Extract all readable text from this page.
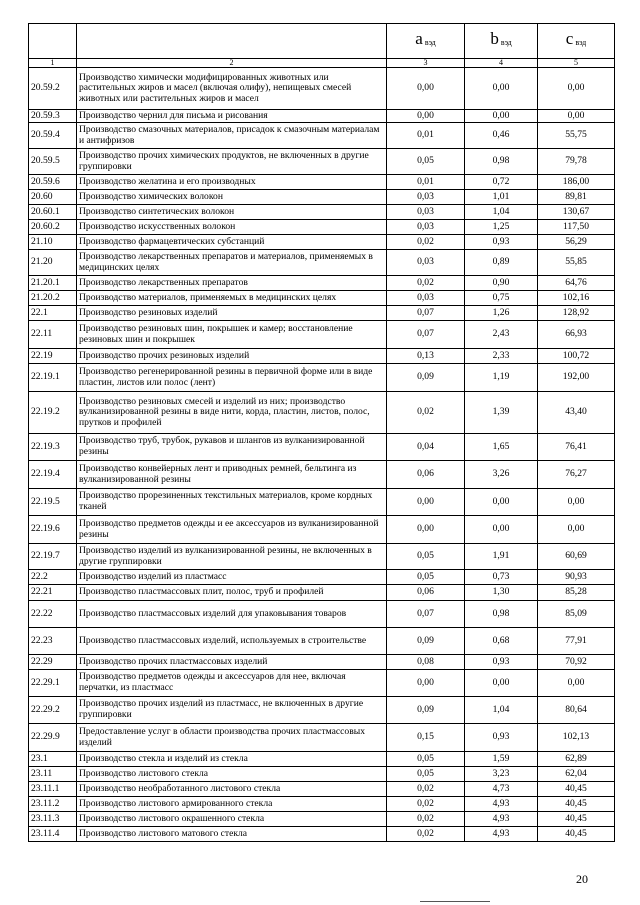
		a $_{вэд}$	b $_{вэд}$	c $_{вэд}$
1	2	3	4	5
20.59.2	Производство химически модифицированных животных или растительных жиров и масел (включая олифу), непищевых смесей животных или растительных жиров и масел	0,00	0,00	0,00
20.59.3	Производство чернил для письма и рисования	0,00	0,00	0,00
20.59.4	Производство смазочных материалов, присадок к смазочным материалам и антифризов	0,01	0,46	55,75
20.59.5	Производство прочих химических продуктов, не включенных в другие группировки	0,05	0,98	79,78
20.59.6	Производство желатина и его производных	0,01	0,72	186,00
20.60	Производство химических волокон	0,03	1,01	89,81
20.60.1	Производство синтетических волокон	0,03	1,04	130,67
20.60.2	Производство искусственных волокон	0,03	1,25	117,50
21.10	Производство фармацевтических субстанций	0,02	0,93	56,29
21.20	Производство лекарственных препаратов и материалов, применяемых в медицинских целях	0,03	0,89	55,85
21.20.1	Производство лекарственных препаратов	0,02	0,90	64,76
21.20.2	Производство материалов, применяемых в медицинских целях	0,03	0,75	102,16
22.1	Производство резиновых изделий	0,07	1,26	128,92
22.11	Производство резиновых шин, покрышек и камер; восстановление резиновых шин и покрышек	0,07	2,43	66,93
22.19	Производство прочих резиновых изделий	0,13	2,33	100,72
22.19.1	Производство регенерированной резины в первичной форме или в виде пластин, листов или полос (лент)	0,09	1,19	192,00
22.19.2	Производство резиновых смесей и изделий из них; производство вулканизированной резины в виде нити, корда, пластин, листов, полос, прутков и профилей	0,02	1,39	43,40
22.19.3	Производство труб, трубок, рукавов и шлангов из вулканизированной резины	0,04	1,65	76,41
22.19.4	Производство конвейерных лент и приводных ремней, бельтинга из вулканизированной резины	0,06	3,26	76,27
22.19.5	Производство прорезиненных текстильных материалов, кроме кордных тканей	0,00	0,00	0,00
22.19.6	Производство предметов одежды и ее аксессуаров из вулканизированной резины	0,00	0,00	0,00
22.19.7	Производство изделий из вулканизированной резины, не включенных в другие группировки	0,05	1,91	60,69
22.2	Производство изделий из пластмасс	0,05	0,73	90,93
22.21	Производство пластмассовых плит, полос, труб и профилей	0,06	1,30	85,28
22.22	Производство пластмассовых изделий для упаковывания товаров	0,07	0,98	85,09
22.23	Производство пластмассовых изделий, используемых в строительстве	0,09	0,68	77,91
22.29	Производство прочих пластмассовых изделий	0,08	0,93	70,92
22.29.1	Производство предметов одежды и аксессуаров для нее, включая перчатки, из пластмасс	0,00	0,00	0,00
22.29.2	Производство прочих изделий из пластмасс, не включенных в другие группировки	0,09	1,04	80,64
22.29.9	Предоставление услуг в области производства прочих пластмассовых изделий	0,15	0,93	102,13
23.1	Производство стекла и изделий из стекла	0,05	1,59	62,89
23.11	Производство листового стекла	0,05	3,23	62,04
23.11.1	Производство необработанного листового стекла	0,02	4,73	40,45
23.11.2	Производство листового армированного стекла	0,02	4,93	40,45
23.11.3	Производство листового окрашенного стекла	0,02	4,93	40,45
23.11.4	Производство листового матового стекла	0,02	4,93	40,45
20
